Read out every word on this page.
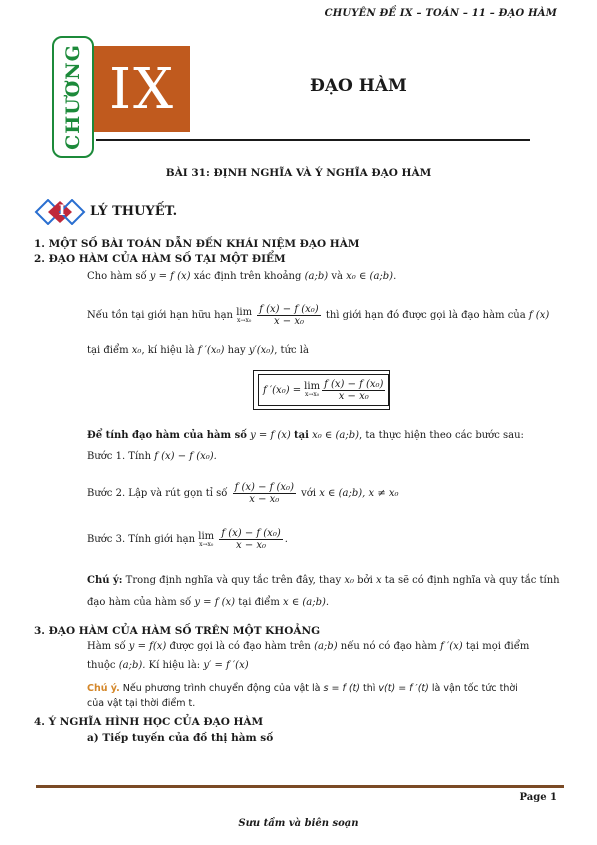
CHUYÊN ĐỀ IX – TOÁN – 11 – ĐẠO HÀM
CHƯƠNG IX	ĐẠO HÀM
BÀI 31: ĐỊNH NGHĨA VÀ Ý NGHĨA ĐẠO HÀM
I LÝ THUYẾT.
1. MỘT SỐ BÀI TOÁN DẪN ĐẾN KHÁI NIỆM ĐẠO HÀM
2. ĐẠO HÀM CỦA HÀM SỐ TẠI MỘT ĐIỂM
Cho hàm số y = f (x) xác định trên khoảng (a;b) và x₀ ∈ (a;b).
Nếu tồn tại giới hạn hữu hạn lim
x→x₀
$\frac{\text{f (x) − f (x₀)}}{\text{x − x₀}}$ thì giới hạn đó được gọi là đạo hàm của f (x)
tại điểm x₀, kí hiệu là f ′(x₀) hay y′(x₀), tức là
f ′(x₀) = lim
$x\to x_0 \frac{\text{f (x) − f (x₀)}}{\text{x − x₀}}$
Để tính đạo hàm của hàm số y = f (x) tại x₀ ∈ (a;b), ta thực hiện theo các bước sau:
Bước 1. Tính f (x) − f (x₀).
Bước 2. Lập và rút gọn tỉ số $\frac{\text{f (x) − f (x₀)}}{\text{x − x₀}}$ với x ∈ (a;b), x ≠ x₀
Bước 3. Tính giới hạn lim
x→x₀
$\frac{\text{f (x) − f (x₀)}}{\text{x − x₀}}$ .
Chú ý: Trong định nghĩa và quy tắc trên đây, thay x₀ bởi x ta sẽ có định nghĩa và quy tắc tính
đạo hàm của hàm số y = f (x) tại điểm x ∈ (a;b).
3. ĐẠO HÀM CỦA HÀM SỐ TRÊN MỘT KHOẢNG
Hàm số y = f(x) được gọi là có đạo hàm trên (a;b) nếu nó có đạo hàm f ′(x) tại mọi điểm
thuộc (a;b). Kí hiệu là: y′ = f ′(x)
Chú ý. Nếu phương trình chuyển động của vật là s = f (t) thì v(t) = f ′(t) là vận tốc tức thời
của vật tại thời điểm t.
4. Ý NGHĨA HÌNH HỌC CỦA ĐẠO HÀM
a) Tiếp tuyến của đồ thị hàm số
Page 1
Sưu tầm và biên soạn
